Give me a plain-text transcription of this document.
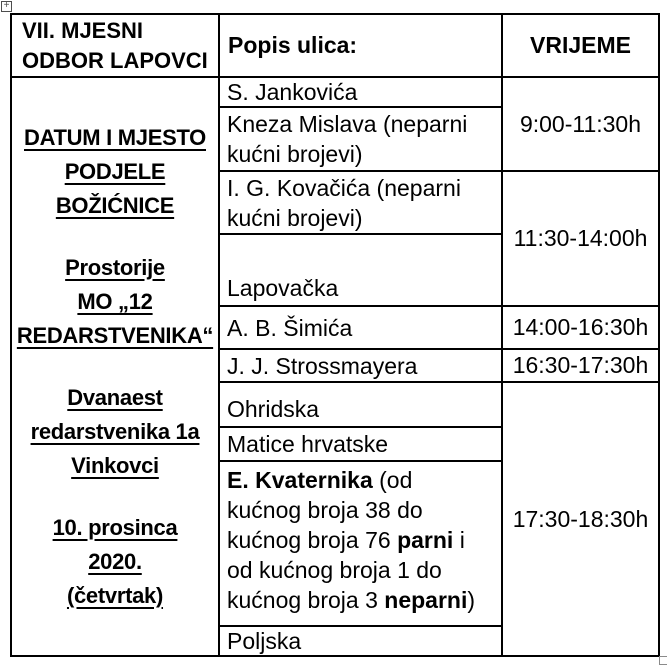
+
VII. MJESNI
ODBOR LAPOVCI
Popis ulica:	VRIJEME
DATUM I MJESTO
PODJELE
BOŽIĆNICE
Prostorije
MO „12
REDARSTVENIKA“
Dvanaest
redarstvenika 1a
Vinkovci
10. prosinca
2020.
(četvrtak)
S. Jankovića
Kneza Mislava (neparni
kućni brojevi)
I. G. Kovačića (neparni
kućni brojevi)
Lapovačka
A. B. Šimića
J. J. Strossmayera
Ohridska
Matice hrvatske
E. Kvaternika (od
kućnog broja 38 do
kućnog broja 76 parni i
od kućnog broja 1 do
kućnog broja 3 neparni)
Poljska
9:00-11:30h
11:30-14:00h
14:00-16:30h
16:30-17:30h
17:30-18:30h
